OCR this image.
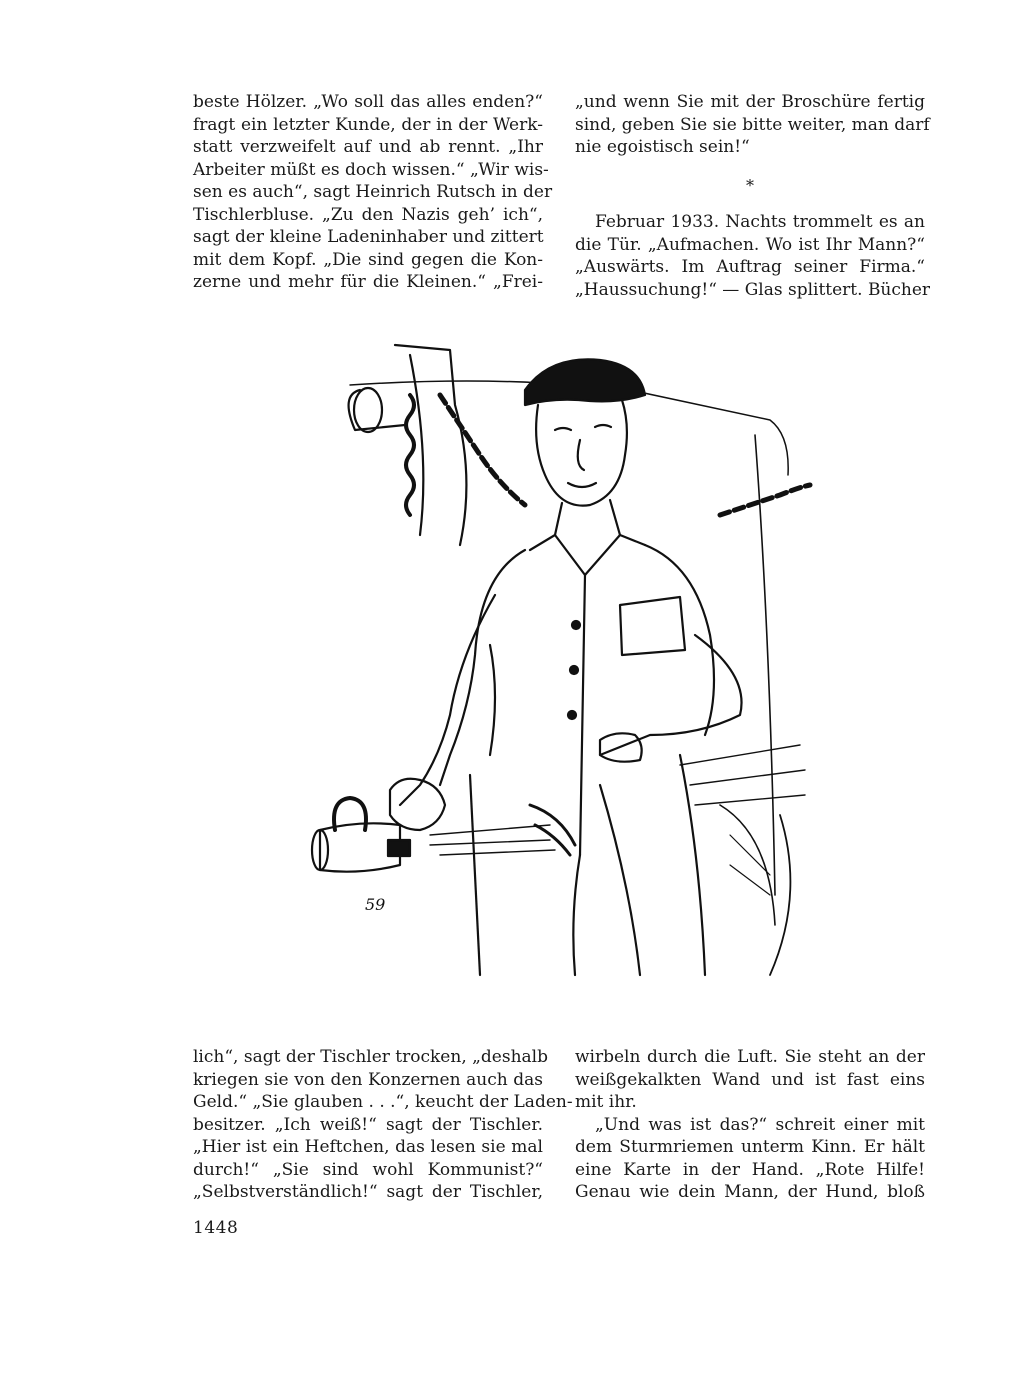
beste Hölzer. „Wo soll das alles enden?“
fragt ein letzter Kunde, der in der Werk-
statt verzweifelt auf und ab rennt. „Ihr
Arbeiter müßt es doch wissen.“ „Wir wis-
sen es auch“, sagt Heinrich Rutsch in der
Tischlerbluse. „Zu den Nazis geh’ ich“,
sagt der kleine Ladeninhaber und zittert
mit dem Kopf. „Die sind gegen die Kon-
zerne und mehr für die Kleinen.“ „Frei-

„und wenn Sie mit der Broschüre fertig
sind, geben Sie sie bitte weiter, man darf
nie egoistisch sein!“

*

Februar 1933. Nachts trommelt es an
die Tür. „Aufmachen. Wo ist Ihr Mann?“
„Auswärts. Im Auftrag seiner Firma.“
„Haussuchung!“ — Glas splittert. Bücher

59

lich“, sagt der Tischler trocken, „deshalb
kriegen sie von den Konzernen auch das
Geld.“ „Sie glauben . . .“, keucht der Laden-
besitzer. „Ich weiß!“ sagt der Tischler.
„Hier ist ein Heftchen, das lesen sie mal
durch!“ „Sie sind wohl Kommunist?“
„Selbstverständlich!“ sagt der Tischler,

wirbeln durch die Luft. Sie steht an der
weißgekalkten Wand und ist fast eins
mit ihr.

„Und was ist das?“ schreit einer mit
dem Sturmriemen unterm Kinn. Er hält
eine Karte in der Hand. „Rote Hilfe!
Genau wie dein Mann, der Hund, bloß

1448
